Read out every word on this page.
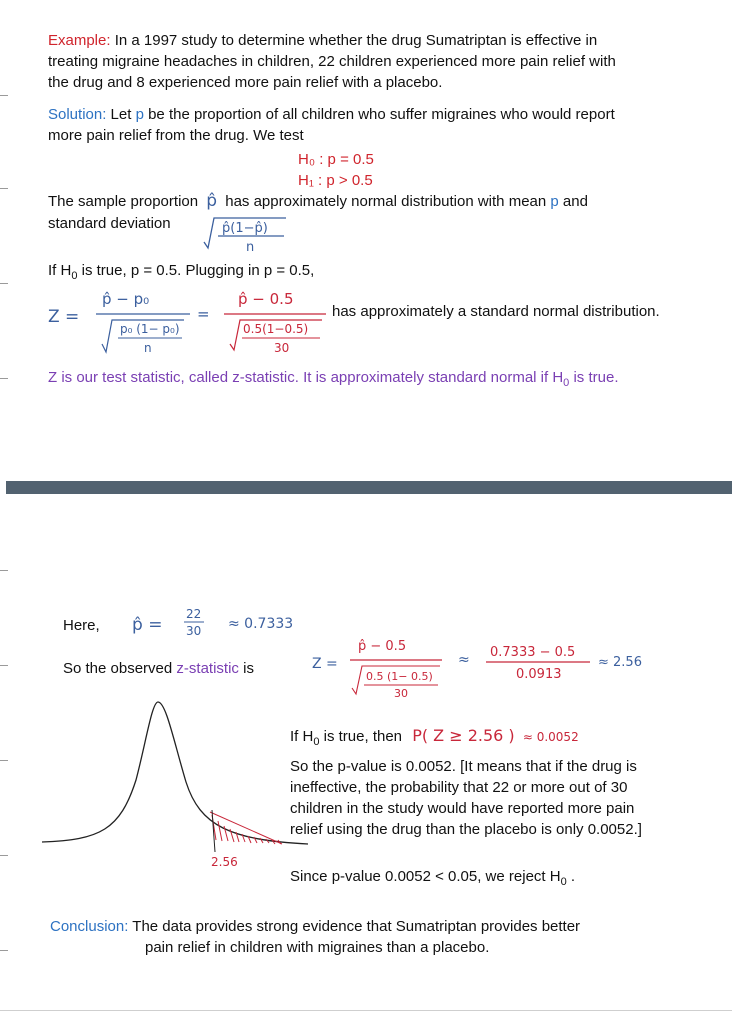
Example: In a 1997 study to determine whether the drug Sumatriptan is effective in
treating migraine headaches in children, 22 children experienced more pain relief with
the drug and 8 experienced more pain relief with a placebo.
Solution: Let p be the proportion of all children who suffer migraines who would report
more pain relief from the drug. We test
H₀ : p = 0.5
H₁ : p > 0.5
The sample proportion p̂ has approximately normal distribution with mean p and
standard deviation	p̂(1−p̂)
n
If $H_0$ is true, p = 0.5. Plugging in p = 0.5,
Z =
p̂ − p₀
p₀ (1− p₀)
n
=
p̂ − 0.5
0.5(1−0.5)
30
has approximately a standard normal distribution.
Z is our test statistic, called z-statistic. It is approximately standard normal if $H_0$ is true.
Here, p̂ =
22
30 ≈ 0.7333
So the observed z-statistic is	Z =
p̂ − 0.5
0.5 (1− 0.5)
30
≈ 0.7333 − 0.5
0.0913
≈ 2.56
2.56
If $H_0$ is true, then P( Z ≥ 2.56 ) ≈ 0.0052
So the p-value is 0.0052. [It means that if the drug is
ineffective, the probability that 22 or more out of 30
children in the study would have reported more pain
relief using the drug than the placebo is only 0.0052.]
Since p-value 0.0052 < 0.05, we reject $H_0$ .
Conclusion: The data provides strong evidence that Sumatriptan provides better
pain relief in children with migraines than a placebo.
